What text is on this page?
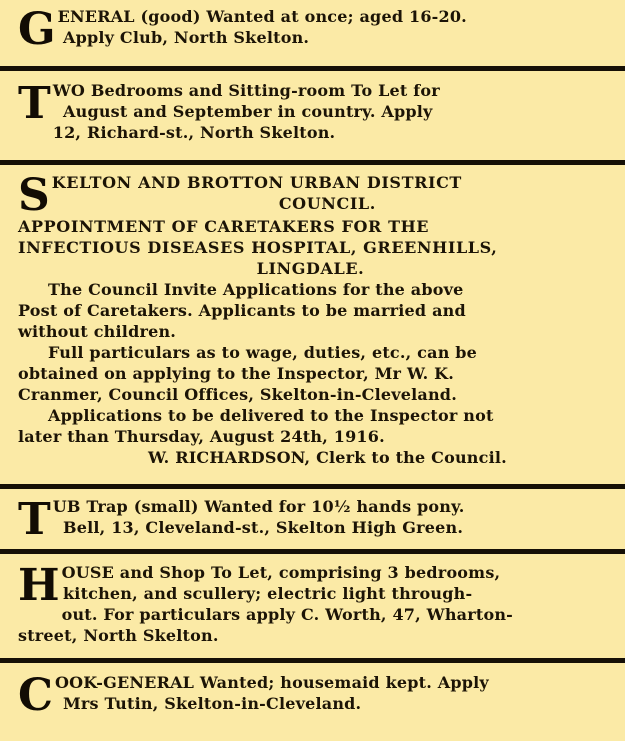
G ENERAL (good) Wanted at once; aged 16-20.
Apply Club, North Skelton.
T WO Bedrooms and Sitting-room To Let for
August and September in country. Apply
12, Richard-st., North Skelton.
S KELTON AND BROTTON URBAN DISTRICT
COUNCIL.
APPOINTMENT OF CARETAKERS FOR THE
INFECTIOUS DISEASES HOSPITAL, GREENHILLS,
LINGDALE.
The Council Invite Applications for the above
Post of Caretakers. Applicants to be married and
without children.
Full particulars as to wage, duties, etc., can be
obtained on applying to the Inspector, Mr W. K.
Cranmer, Council Offices, Skelton-in-Cleveland.
Applications to be delivered to the Inspector not
later than Thursday, August 24th, 1916.
W. RICHARDSON, Clerk to the Council.
T UB Trap (small) Wanted for 10½ hands pony.
Bell, 13, Cleveland-st., Skelton High Green.
H OUSE and Shop To Let, comprising 3 bedrooms,
kitchen, and scullery; electric light through-
out. For particulars apply C. Worth, 47, Wharton-
street, North Skelton.
C OOK-GENERAL Wanted; housemaid kept. Apply
Mrs Tutin, Skelton-in-Cleveland.
